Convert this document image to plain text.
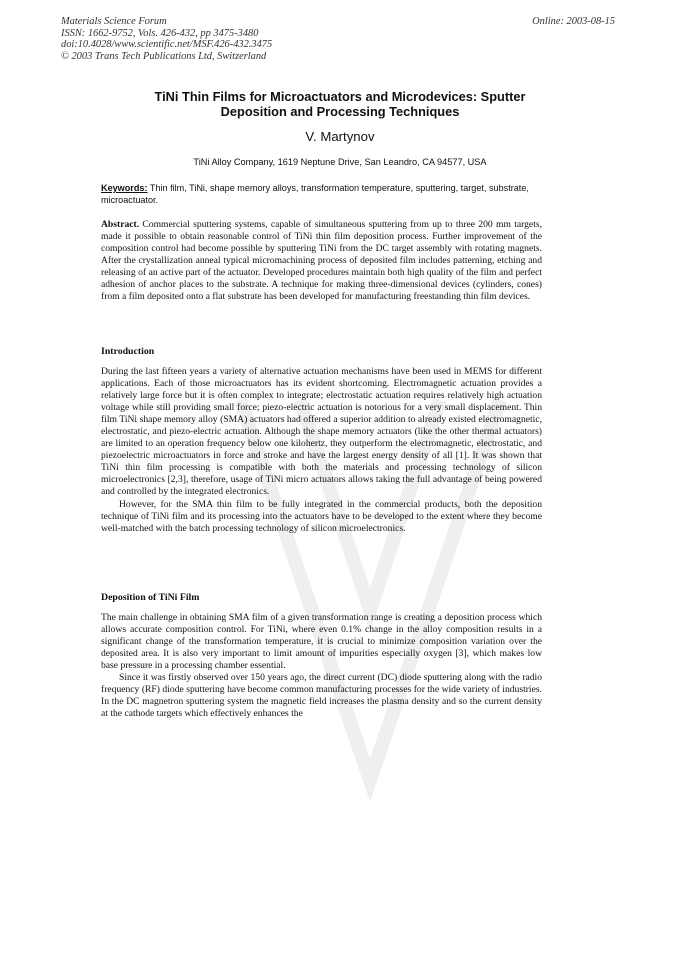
Materials Science Forum
ISSN: 1662-9752, Vols. 426-432, pp 3475-3480
doi:10.4028/www.scientific.net/MSF.426-432.3475
© 2003 Trans Tech Publications Ltd, Switzerland
Online: 2003-08-15
TiNi Thin Films for Microactuators and Microdevices: Sputter
Deposition and Processing Techniques
V. Martynov
TiNi Alloy Company, 1619 Neptune Drive, San Leandro, CA 94577, USA
Keywords: Thin film, TiNi, shape memory alloys, transformation temperature, sputtering, target, substrate, microactuator.

Abstract. Commercial sputtering systems, capable of simultaneous sputtering from up to three 200 mm targets, made it possible to obtain reasonable control of TiNi thin film deposition process. Further improvement of the composition control had become possible by sputtering TiNi from the DC target assembly with rotating magnets. After the crystallization anneal typical micromachining process of deposited film includes patterning, etching and releasing of an active part of the actuator. Developed procedures maintain both high quality of the film and perfect adhesion of anchor places to the substrate. A technique for making three-dimensional devices (cylinders, cones) from a film deposited onto a flat substrate has been developed for manufacturing freestanding thin film devices.

Introduction

During the last fifteen years a variety of alternative actuation mechanisms have been used in MEMS for different applications. Each of those microactuators has its evident shortcoming. Electromagnetic actuation provides a relatively large force but it is often complex to integrate; electrostatic actuation requires relatively high actuation voltage while still providing small force; piezo-electric actuation is notorious for a very small displacement. Thin film TiNi shape memory alloy (SMA) actuators had offered a superior addition to already existed electromagnetic, electrostatic, and piezo-electric actuation. Although the shape memory actuators (like the other thermal actuators) are limited to an operation frequency below one kilohertz, they outperform the electromagnetic, electrostatic, and piezoelectric microactuators in force and stroke and have the largest energy density of all [1]. It was shown that TiNi thin film processing is compatible with both the materials and processing technology of silicon microelectronics [2,3], therefore, usage of TiNi micro actuators allows taking the full advantage of being powered and controlled by the integrated electronics.

However, for the SMA thin film to be fully integrated in the commercial products, both the deposition technique of TiNi film and its processing into the actuators have to be developed to the extent where they become well-matched with the batch processing technology of silicon microelectronics.

Deposition of TiNi Film

The main challenge in obtaining SMA film of a given transformation range is creating a deposition process which allows accurate composition control. For TiNi, where even 0.1% change in the alloy composition results in a significant change of the transformation temperature, it is crucial to minimize composition variation over the deposited area. It is also very important to limit amount of impurities especially oxygen [3], which makes low base pressure in a processing chamber essential.

Since it was firstly observed over 150 years ago, the direct current (DC) diode sputtering along with the radio frequency (RF) diode sputtering have become common manufacturing processes for the wide variety of industries. In the DC magnetron sputtering system the magnetic field increases the plasma density and so the current density at the cathode targets which effectively enhances the
